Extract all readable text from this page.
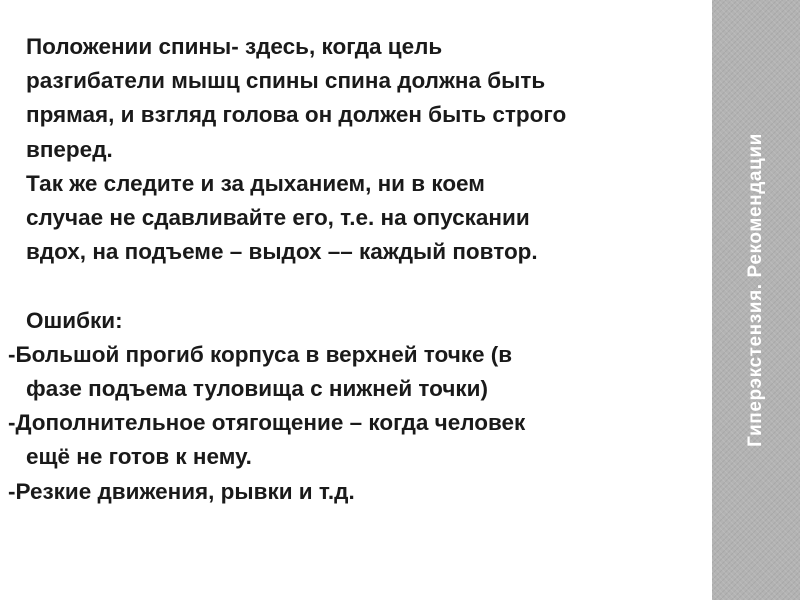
Положении спины- здесь, когда цель
разгибатели мышц спины спина должна быть
прямая, и взгляд голова он должен быть строго
вперед.
Так же следите и за дыханием, ни в коем
случае не сдавливайте его, т.е. на опускании
вдох, на подъеме – выдох –– каждый повтор.
Ошибки:
-Большой прогиб корпуса в верхней точке (в
фазе подъема туловища с нижней точки)
-Дополнительное отягощение – когда человек
ещё не готов к нему.
-Резкие движения, рывки и т.д.
Гиперэкстензия. Рекомендации
